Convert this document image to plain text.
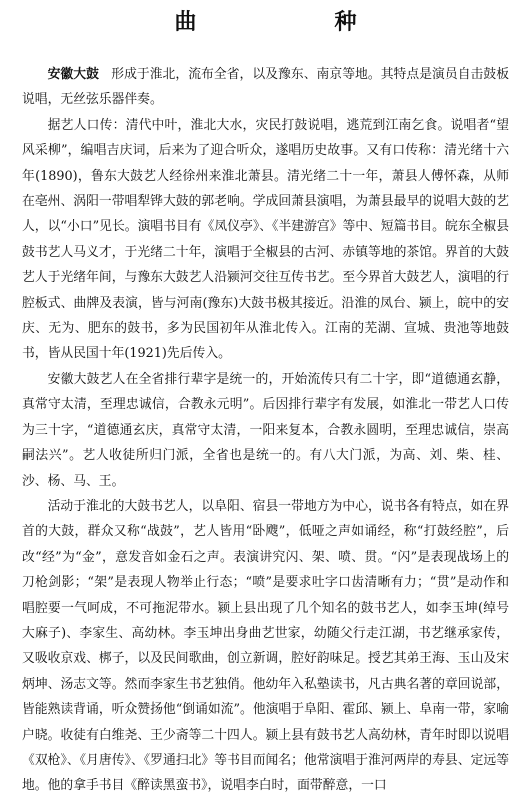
曲　种

安徽大鼓 形成于淮北，流布全省，以及豫东、南京等地。其特点是演员自击鼓板说唱，无丝弦乐器伴奏。

据艺人口传：清代中叶，淮北大水，灾民打鼓说唱，逃荒到江南乞食。说唱者“望风采柳”，编唱吉庆词，后来为了迎合听众，遂唱历史故事。又有口传称：清光绪十六年(1890)，鲁东大鼓艺人经徐州来淮北萧县。清光绪二十一年，萧县人傅怀森，从师在亳州、涡阳一带唱犁铧大鼓的郭老响。学成回萧县演唱，为萧县最早的说唱大鼓的艺人，以“小口”见长。演唱书目有《凤仪亭》、《半建游宫》等中、短篇书目。皖东全椒县鼓书艺人马义才，于光绪二十年，演唱于全椒县的古河、赤镇等地的茶馆。界首的大鼓艺人于光绪年间，与豫东大鼓艺人沿颍河交往互传书艺。至今界首大鼓艺人，演唱的行腔板式、曲牌及表演，皆与河南(豫东)大鼓书极其接近。沿淮的凤台、颍上，皖中的安庆、无为、肥东的鼓书，多为民国初年从淮北传入。江南的芜湖、宣城、贵池等地鼓书，皆从民国十年(1921)先后传入。

安徽大鼓艺人在全省排行辈字是统一的，开始流传只有二十字，即“道德通玄静，真常守太清，至理忠诚信，合教永元明”。后因排行辈字有发展，如淮北一带艺人口传为三十字，“道德通玄庆，真常守太清，一阳来复本，合教永圆明，至理忠诚信，崇高嗣法兴”。艺人收徒所归门派，全省也是统一的。有八大门派，为高、刘、柴、桂、沙、杨、马、王。

活动于淮北的大鼓书艺人，以阜阳、宿县一带地方为中心，说书各有特点，如在界首的大鼓，群众又称“战鼓”，艺人皆用“卧飕”，低哑之声如诵经，称“打鼓经腔”，后改“经”为“金”，意发音如金石之声。表演讲究闪、架、喷、贯。“闪”是表现战场上的刀枪剑影；“架”是表现人物举止行态；“喷”是要求吐字口齿清晰有力；“贯”是动作和唱腔要一气呵成，不可拖泥带水。颍上县出现了几个知名的鼓书艺人，如李玉坤(绰号大麻子)、李家生、高幼林。李玉坤出身曲艺世家，幼随父行走江湖，书艺继承家传，又吸收京戏、梆子，以及民间歌曲，创立新调，腔好韵味足。授艺其弟王海、玉山及宋炳坤、汤志文等。然而李家生书艺独俏。他幼年入私塾读书，凡古典名著的章回说部，皆能熟读背诵，听众赞扬他“倒诵如流”。他演唱于阜阳、霍邱、颍上、阜南一带，家喻户晓。收徒有白维尧、王少斋等二十四人。颍上县有鼓书艺人高幼林，青年时即以说唱《双枪》、《月唐传》、《罗通扫北》等书目而闻名；他常演唱于淮河两岸的寿县、定远等地。他的拿手书目《醉读黑蛮书》，说唱李白时，面带醉意，一口
